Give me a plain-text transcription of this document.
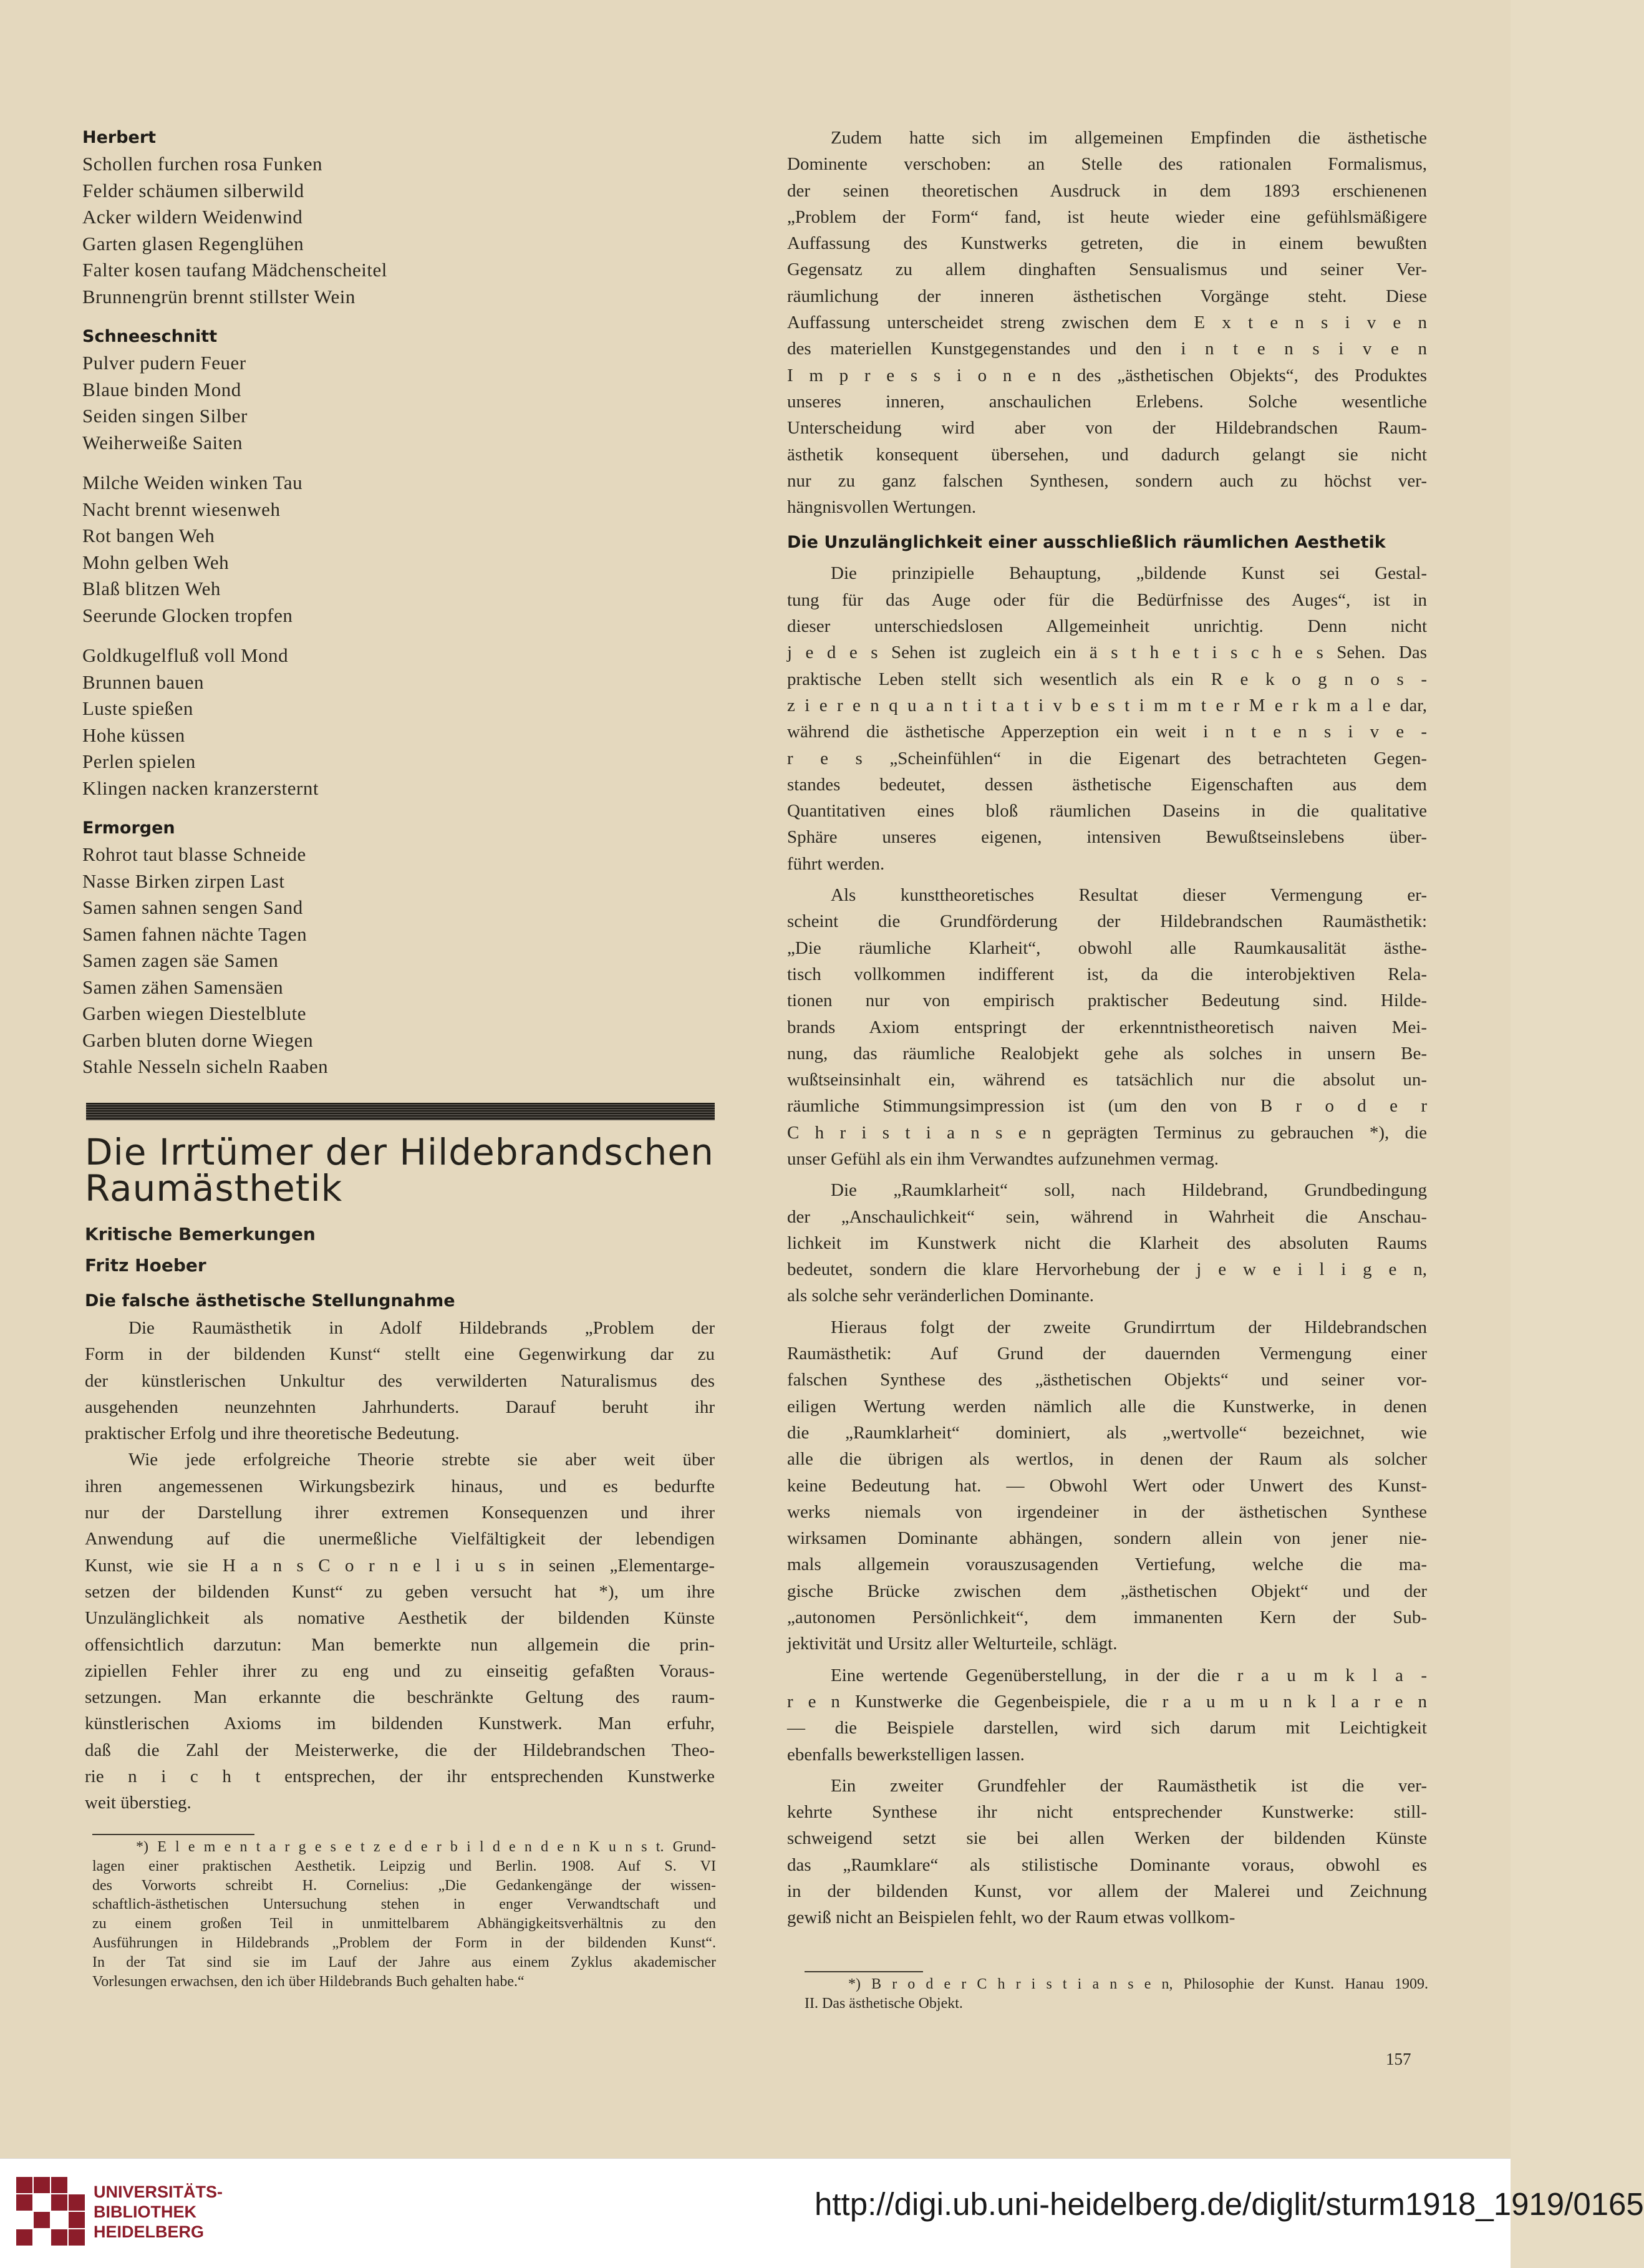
Herbert
Schollen furchen rosa Funken
Felder schäumen silberwild
Acker wildern Weidenwind
Garten glasen Regenglühen
Falter kosen taufang Mädchenscheitel
Brunnengrün brennt stillster Wein
Schneeschnitt
Pulver pudern Feuer
Blaue binden Mond
Seiden singen Silber
Weiherweiße Saiten
Milche Weiden winken Tau
Nacht brennt wiesenweh
Rot bangen Weh
Mohn gelben Weh
Blaß blitzen Weh
Seerunde Glocken tropfen
Goldkugelfluß voll Mond
Brunnen bauen
Luste spießen
Hohe küssen
Perlen spielen
Klingen nacken kranzersternt
Ermorgen
Rohrot taut blasse Schneide
Nasse Birken zirpen Last
Samen sahnen sengen Sand
Samen fahnen nächte Tagen
Samen zagen säe Samen
Samen zähen Samensäen
Garben wiegen Diestelblute
Garben bluten dorne Wiegen
Stahle Nesseln sicheln Raaben
Die Irrtümer der Hildebrandschen
Raumästhetik
Kritische Bemerkungen
Fritz Hoeber
Die falsche ästhetische Stellungnahme
Die Raumästhetik in Adolf Hildebrands „Problem der
Form in der bildenden Kunst“ stellt eine Gegenwirkung dar zu
der künstlerischen Unkultur des verwilderten Naturalismus des
ausgehenden neunzehnten Jahrhunderts. Darauf beruht ihr
praktischer Erfolg und ihre theoretische Bedeutung.
Wie jede erfolgreiche Theorie strebte sie aber weit über
ihren angemessenen Wirkungsbezirk hinaus, und es bedurfte
nur der Darstellung ihrer extremen Konsequenzen und ihrer
Anwendung auf die unermeßliche Vielfältigkeit der lebendigen
Kunst, wie sie H a n s C o r n e l i u s in seinen „Elementarge-
setzen der bildenden Kunst“ zu geben versucht hat *), um ihre
Unzulänglichkeit als nomative Aesthetik der bildenden Künste
offensichtlich darzutun: Man bemerkte nun allgemein die prin-
zipiellen Fehler ihrer zu eng und zu einseitig gefaßten Voraus-
setzungen. Man erkannte die beschränkte Geltung des raum-
künstlerischen Axioms im bildenden Kunstwerk. Man erfuhr,
daß die Zahl der Meisterwerke, die der Hildebrandschen Theo-
rie n i c h t entsprechen, der ihr entsprechenden Kunstwerke
weit überstieg.
*) E l e m e n t a r g e s e t z e d e r b i l d e n d e n K u n s t. Grund-
lagen einer praktischen Aesthetik. Leipzig und Berlin. 1908. Auf S. VI
des Vorworts schreibt H. Cornelius: „Die Gedankengänge der wissen-
schaftlich-ästhetischen Untersuchung stehen in enger Verwandtschaft und
zu einem großen Teil in unmittelbarem Abhängigkeitsverhältnis zu den
Ausführungen in Hildebrands „Problem der Form in der bildenden Kunst“.
In der Tat sind sie im Lauf der Jahre aus einem Zyklus akademischer
Vorlesungen erwachsen, den ich über Hildebrands Buch gehalten habe.“
Zudem hatte sich im allgemeinen Empfinden die ästhetische
Dominente verschoben: an Stelle des rationalen Formalismus,
der seinen theoretischen Ausdruck in dem 1893 erschienenen
„Problem der Form“ fand, ist heute wieder eine gefühlsmäßigere
Auffassung des Kunstwerks getreten, die in einem bewußten
Gegensatz zu allem dinghaften Sensualismus und seiner Ver-
räumlichung der inneren ästhetischen Vorgänge steht. Diese
Auffassung unterscheidet streng zwischen dem E x t e n s i v e n
des materiellen Kunstgegenstandes und den i n t e n s i v e n
I m p r e s s i o n e n des „ästhetischen Objekts“, des Produktes
unseres inneren, anschaulichen Erlebens. Solche wesentliche
Unterscheidung wird aber von der Hildebrandschen Raum-
ästhetik konsequent übersehen, und dadurch gelangt sie nicht
nur zu ganz falschen Synthesen, sondern auch zu höchst ver-
hängnisvollen Wertungen.
Die Unzulänglichkeit einer ausschließlich räumlichen Aesthetik
Die prinzipielle Behauptung, „bildende Kunst sei Gestal-
tung für das Auge oder für die Bedürfnisse des Auges“, ist in
dieser unterschiedslosen Allgemeinheit unrichtig. Denn nicht
j e d e s Sehen ist zugleich ein ä s t h e t i s c h e s Sehen. Das
praktische Leben stellt sich wesentlich als ein R e k o g n o s -
z i e r e n q u a n t i t a t i v b e s t i m m t e r M e r k m a l e dar,
während die ästhetische Apperzeption ein weit i n t e n s i v e -
r e s „Scheinfühlen“ in die Eigenart des betrachteten Gegen-
standes bedeutet, dessen ästhetische Eigenschaften aus dem
Quantitativen eines bloß räumlichen Daseins in die qualitative
Sphäre unseres eigenen, intensiven Bewußtseinslebens über-
führt werden.
Als kunsttheoretisches Resultat dieser Vermengung er-
scheint die Grundförderung der Hildebrandschen Raumästhetik:
„Die räumliche Klarheit“, obwohl alle Raumkausalität ästhe-
tisch vollkommen indifferent ist, da die interobjektiven Rela-
tionen nur von empirisch praktischer Bedeutung sind. Hilde-
brands Axiom entspringt der erkenntnistheoretisch naiven Mei-
nung, das räumliche Realobjekt gehe als solches in unsern Be-
wußtseinsinhalt ein, während es tatsächlich nur die absolut un-
räumliche Stimmungsimpression ist (um den von B r o d e r
C h r i s t i a n s e n geprägten Terminus zu gebrauchen *), die
unser Gefühl als ein ihm Verwandtes aufzunehmen vermag.
Die „Raumklarheit“ soll, nach Hildebrand, Grundbedingung
der „Anschaulichkeit“ sein, während in Wahrheit die Anschau-
lichkeit im Kunstwerk nicht die Klarheit des absoluten Raums
bedeutet, sondern die klare Hervorhebung der j e w e i l i g e n,
als solche sehr veränderlichen Dominante.
Hieraus folgt der zweite Grundirrtum der Hildebrandschen
Raumästhetik: Auf Grund der dauernden Vermengung einer
falschen Synthese des „ästhetischen Objekts“ und seiner vor-
eiligen Wertung werden nämlich alle die Kunstwerke, in denen
die „Raumklarheit“ dominiert, als „wertvolle“ bezeichnet, wie
alle die übrigen als wertlos, in denen der Raum als solcher
keine Bedeutung hat. — Obwohl Wert oder Unwert des Kunst-
werks niemals von irgendeiner in der ästhetischen Synthese
wirksamen Dominante abhängen, sondern allein von jener nie-
mals allgemein vorauszusagenden Vertiefung, welche die ma-
gische Brücke zwischen dem „ästhetischen Objekt“ und der
„autonomen Persönlichkeit“, dem immanenten Kern der Sub-
jektivität und Ursitz aller Welturteile, schlägt.
Eine wertende Gegenüberstellung, in der die r a u m k l a -
r e n Kunstwerke die Gegenbeispiele, die r a u m u n k l a r e n
— die Beispiele darstellen, wird sich darum mit Leichtigkeit
ebenfalls bewerkstelligen lassen.
Ein zweiter Grundfehler der Raumästhetik ist die ver-
kehrte Synthese ihr nicht entsprechender Kunstwerke: still-
schweigend setzt sie bei allen Werken der bildenden Künste
das „Raumklare“ als stilistische Dominante voraus, obwohl es
in der bildenden Kunst, vor allem der Malerei und Zeichnung
gewiß nicht an Beispielen fehlt, wo der Raum etwas vollkom-
*) B r o d e r C h r i s t i a n s e n, Philosophie der Kunst. Hanau 1909.
II. Das ästhetische Objekt.
157
UNIVERSITÄTS-
BIBLIOTHEK
HEIDELBERG
http://digi.ub.uni-heidelberg.de/diglit/sturm1918_1919/0165
